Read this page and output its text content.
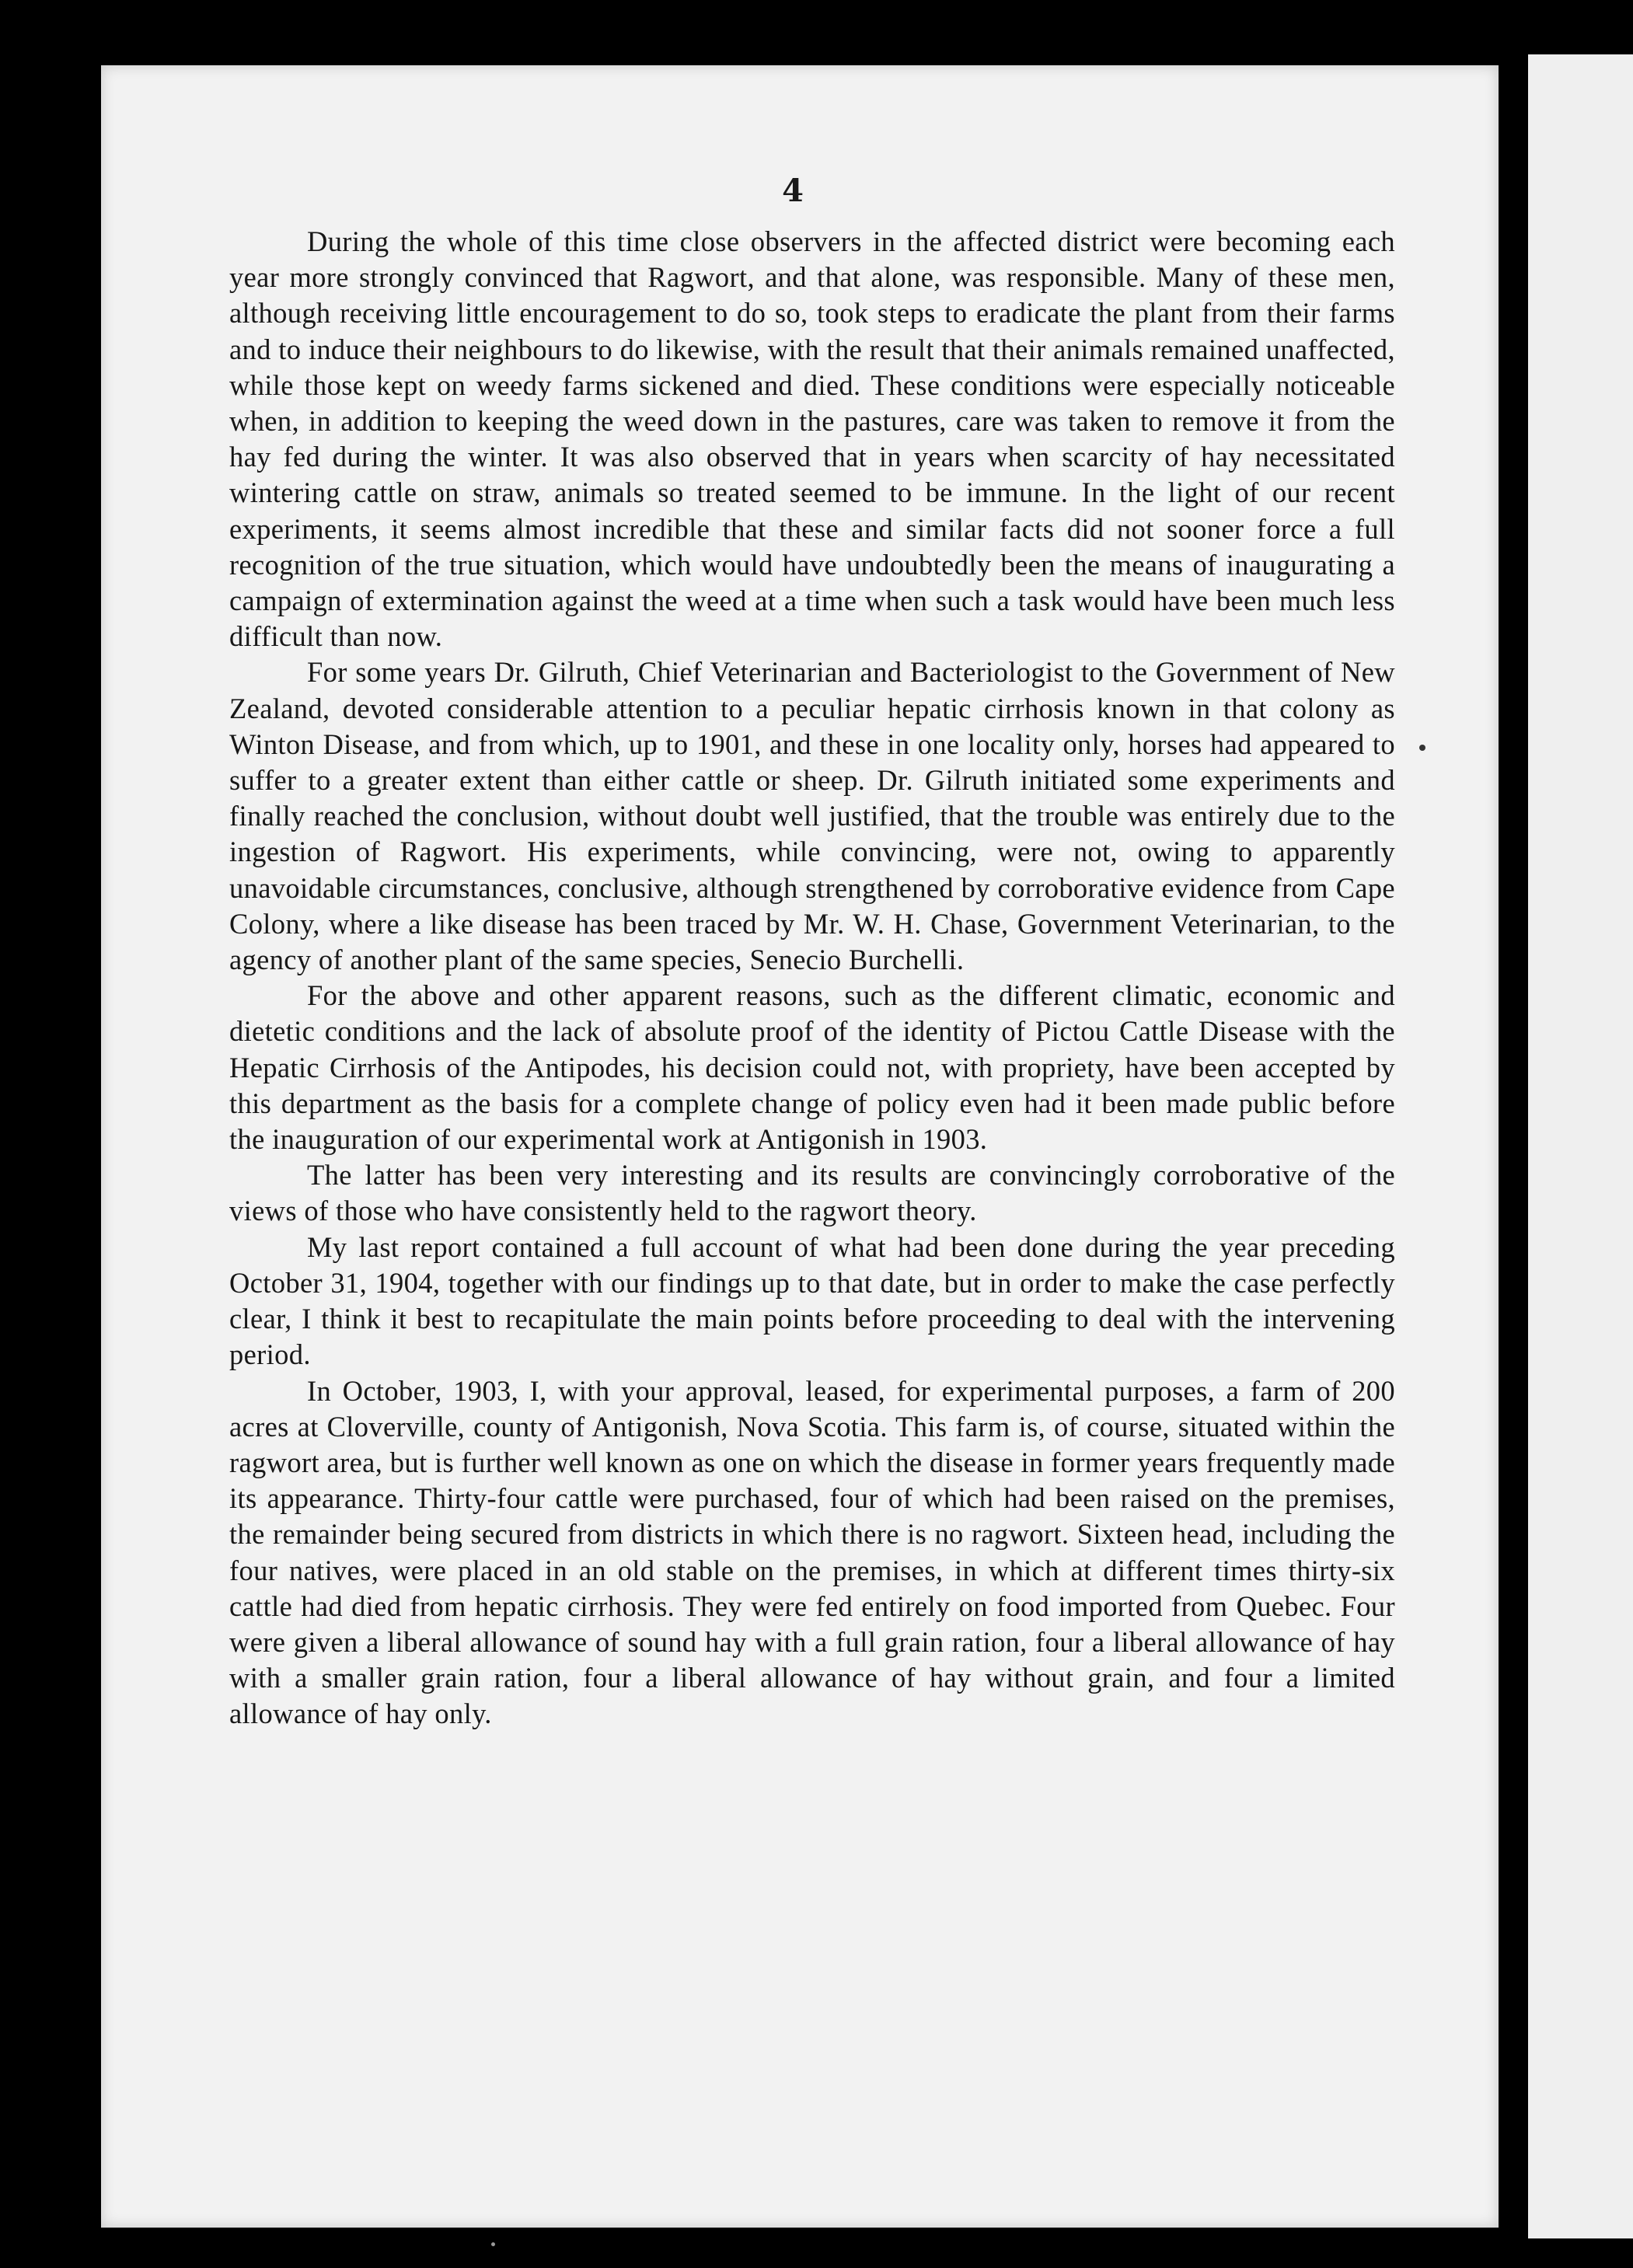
4

During the whole of this time close observers in the affected district were becoming each year more strongly convinced that Ragwort, and that alone, was responsible. Many of these men, although receiving little encouragement to do so, took steps to eradicate the plant from their farms and to induce their neighbours to do likewise, with the result that their animals remained unaffected, while those kept on weedy farms sickened and died. These conditions were especially noticeable when, in addition to keeping the weed down in the pastures, care was taken to remove it from the hay fed during the winter. It was also observed that in years when scarcity of hay necessitated wintering cattle on straw, animals so treated seemed to be immune. In the light of our recent experiments, it seems almost incredible that these and similar facts did not sooner force a full recognition of the true situation, which would have undoubtedly been the means of inaugurating a campaign of extermination against the weed at a time when such a task would have been much less difficult than now.

For some years Dr. Gilruth, Chief Veterinarian and Bacteriologist to the Government of New Zealand, devoted considerable attention to a peculiar hepatic cirrhosis known in that colony as Winton Disease, and from which, up to 1901, and these in one locality only, horses had appeared to suffer to a greater extent than either cattle or sheep. Dr. Gilruth initiated some experiments and finally reached the conclusion, without doubt well justified, that the trouble was entirely due to the ingestion of Ragwort. His experiments, while convincing, were not, owing to apparently unavoidable circumstances, conclusive, although strengthened by corroborative evidence from Cape Colony, where a like disease has been traced by Mr. W. H. Chase, Government Veterinarian, to the agency of another plant of the same species, Senecio Burchelli.

For the above and other apparent reasons, such as the different climatic, economic and dietetic conditions and the lack of absolute proof of the identity of Pictou Cattle Disease with the Hepatic Cirrhosis of the Antipodes, his decision could not, with propriety, have been accepted by this department as the basis for a complete change of policy even had it been made public before the inauguration of our experimental work at Antigonish in 1903.

The latter has been very interesting and its results are convincingly corroborative of the views of those who have consistently held to the ragwort theory.

My last report contained a full account of what had been done during the year preceding October 31, 1904, together with our findings up to that date, but in order to make the case perfectly clear, I think it best to recapitulate the main points before proceeding to deal with the intervening period.

In October, 1903, I, with your approval, leased, for experimental purposes, a farm of 200 acres at Cloverville, county of Antigonish, Nova Scotia. This farm is, of course, situated within the ragwort area, but is further well known as one on which the disease in former years frequently made its appearance. Thirty-four cattle were purchased, four of which had been raised on the premises, the remainder being secured from districts in which there is no ragwort. Sixteen head, including the four natives, were placed in an old stable on the premises, in which at different times thirty-six cattle had died from hepatic cirrhosis. They were fed entirely on food imported from Quebec. Four were given a liberal allowance of sound hay with a full grain ration, four a liberal allowance of hay with a smaller grain ration, four a liberal allowance of hay without grain, and four a limited allowance of hay only.
